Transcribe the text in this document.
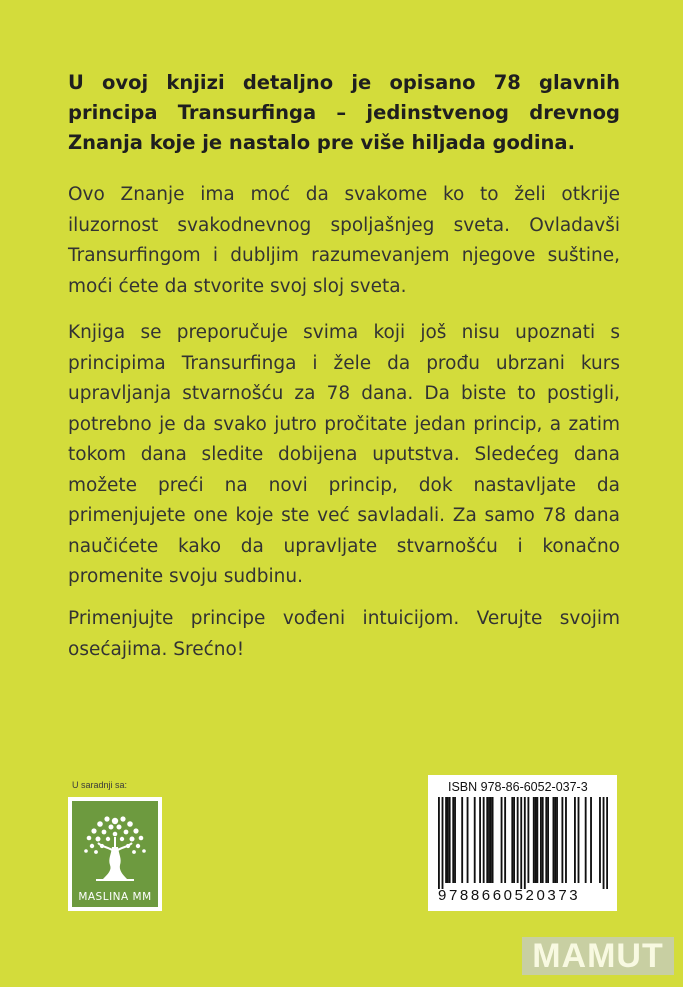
U ovoj knjizi detaljno je opisano 78 glavnih principa Transurfinga – jedinstvenog drevnog Znanja koje je nastalo pre više hiljada godina.

Ovo Znanje ima moć da svakome ko to želi otkrije iluzornost svakodnevnog spoljašnjeg sveta. Ovladavši Transurfingom i dubljim razumevanjem njegove suštine, moći ćete da stvorite svoj sloj sveta.

Knjiga se preporučuje svima koji još nisu upoznati s principima Transurfinga i žele da prođu ubrzani kurs upravljanja stvarnošću za 78 dana. Da biste to postigli, potrebno je da svako jutro pročitate jedan princip, a zatim tokom dana sledite dobijena uputstva. Sledećeg dana možete preći na novi princip, dok nastavljate da primenjujete one koje ste već savladali. Za samo 78 dana naučićete kako da upravljate stvarnošću i konačno promenite svoju sudbinu.

Primenjujte principe vođeni intuicijom. Verujte svojim osećajima. Srećno!

U saradnji sa:
MASLINA MM
ISBN 978-86-6052-037-3
9788660520373
MAMUT
